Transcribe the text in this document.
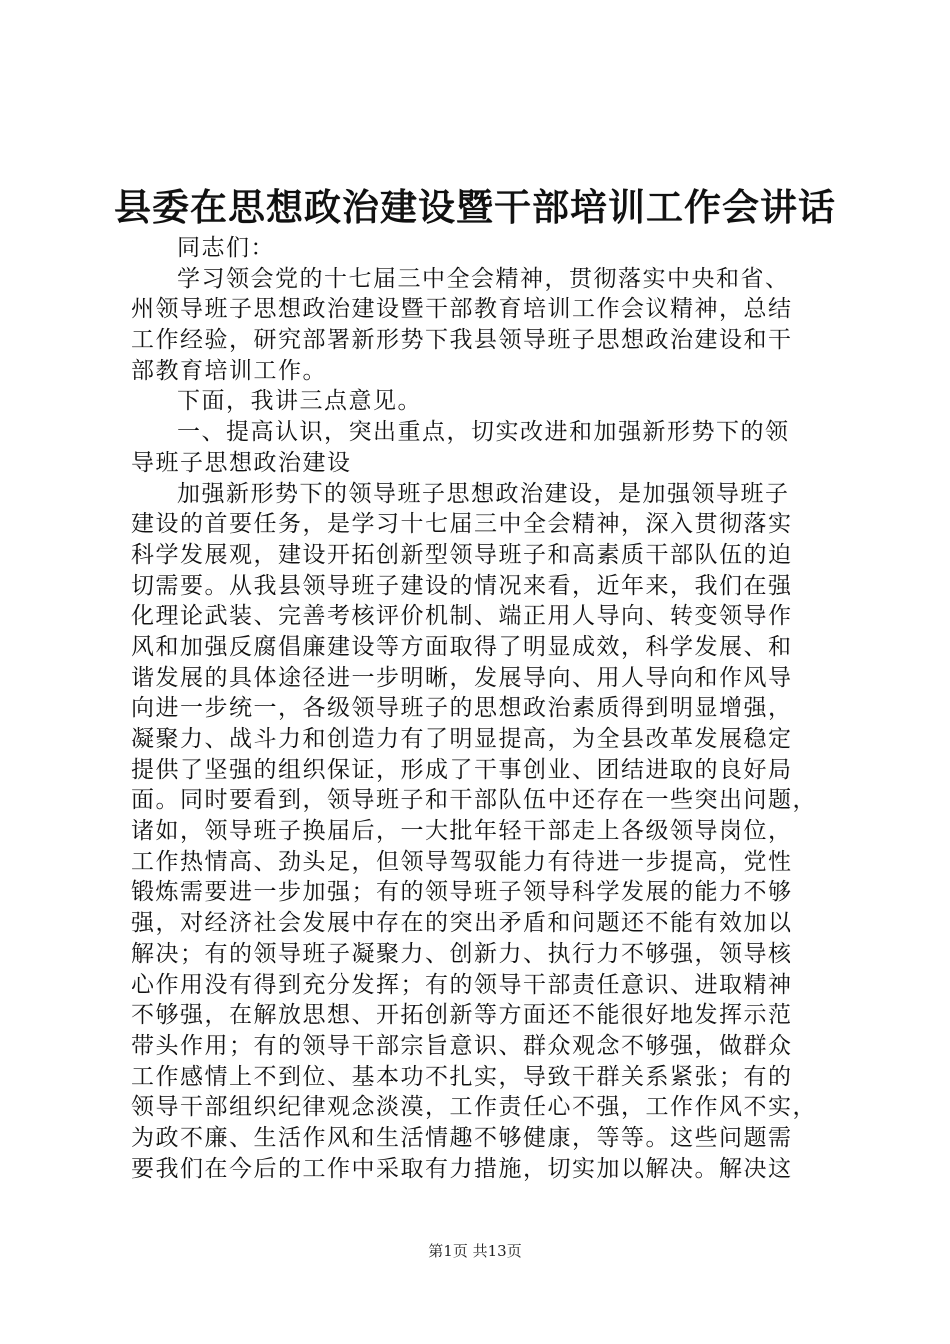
县委在思想政治建设暨干部培训工作会讲话
同志们：
学习领会党的十七届三中全会精神，贯彻落实中央和省、
州领导班子思想政治建设暨干部教育培训工作会议精神，总结
工作经验，研究部署新形势下我县领导班子思想政治建设和干
部教育培训工作。
下面，我讲三点意见。
一、提高认识，突出重点，切实改进和加强新形势下的领
导班子思想政治建设
加强新形势下的领导班子思想政治建设，是加强领导班子
建设的首要任务，是学习十七届三中全会精神，深入贯彻落实
科学发展观，建设开拓创新型领导班子和高素质干部队伍的迫
切需要。从我县领导班子建设的情况来看，近年来，我们在强
化理论武装、完善考核评价机制、端正用人导向、转变领导作
风和加强反腐倡廉建设等方面取得了明显成效，科学发展、和
谐发展的具体途径进一步明晰，发展导向、用人导向和作风导
向进一步统一，各级领导班子的思想政治素质得到明显增强，
凝聚力、战斗力和创造力有了明显提高，为全县改革发展稳定
提供了坚强的组织保证，形成了干事创业、团结进取的良好局
面。同时要看到，领导班子和干部队伍中还存在一些突出问题，
诸如，领导班子换届后，一大批年轻干部走上各级领导岗位，
工作热情高、劲头足，但领导驾驭能力有待进一步提高，党性
锻炼需要进一步加强；有的领导班子领导科学发展的能力不够
强，对经济社会发展中存在的突出矛盾和问题还不能有效加以
解决；有的领导班子凝聚力、创新力、执行力不够强，领导核
心作用没有得到充分发挥；有的领导干部责任意识、进取精神
不够强，在解放思想、开拓创新等方面还不能很好地发挥示范
带头作用；有的领导干部宗旨意识、群众观念不够强，做群众
工作感情上不到位、基本功不扎实，导致干群关系紧张；有的
领导干部组织纪律观念淡漠，工作责任心不强，工作作风不实，
为政不廉、生活作风和生活情趣不够健康，等等。这些问题需
要我们在今后的工作中采取有力措施，切实加以解决。解决这
第1页 共13页
